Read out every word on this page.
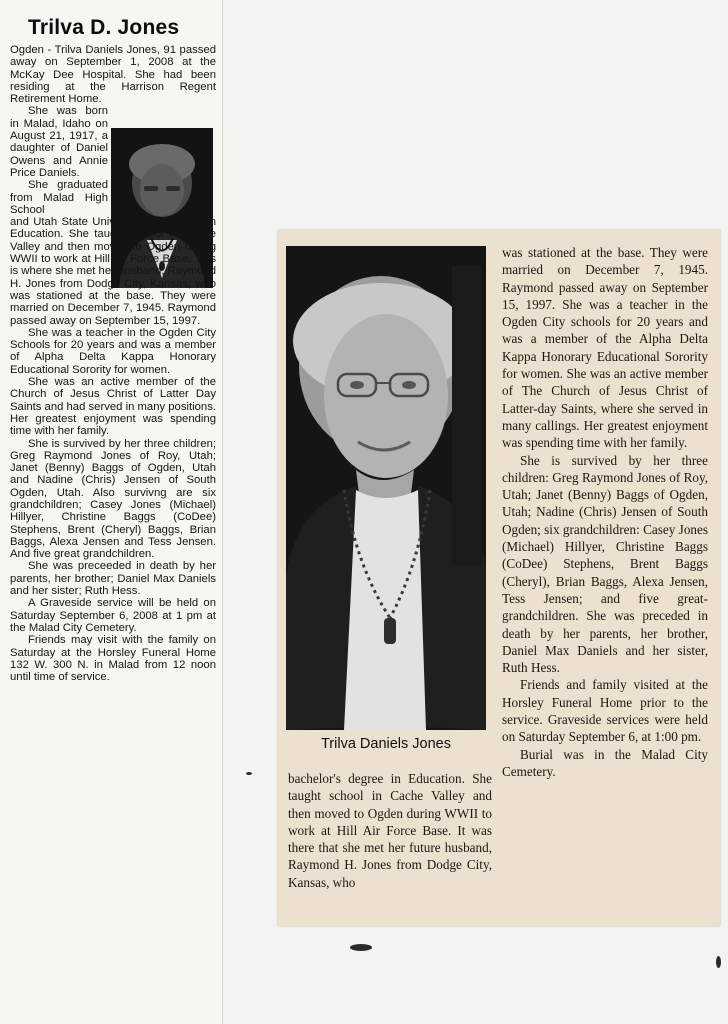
Trilva D. Jones

Ogden - Trilva Daniels Jones, 91 passed away on September 1, 2008 at the McKay Dee Hospital. She had been residing at the Harrison Regent Retirement Home.

She was born in Malad, Idaho on August 21, 1917, a daughter of Daniel Owens and Annie Price Daniels.

She graduated from Malad High School

and Utah State University with a B.A. in Education. She taught school in Cache Valley and then moved to Ogden during WWII to work at Hill Air Force Base. This is where she met her husband, Raymond H. Jones from Dodge City, Kansas, who was stationed at the base. They were married on December 7, 1945. Raymond passed away on September 15, 1997.

She was a teacher in the Ogden City Schools for 20 years and was a member of Alpha Delta Kappa Honorary Educational Sorority for women.

She was an active member of the Church of Jesus Christ of Latter Day Saints and had served in many positions. Her greatest enjoyment was spending time with her family.

She is survived by her three children; Greg Raymond Jones of Roy, Utah; Janet (Benny) Baggs of Ogden, Utah and Nadine (Chris) Jensen of South Ogden, Utah. Also survivng are six grandchildren; Casey Jones (Michael) Hillyer, Christine Baggs (CoDee) Stephens, Brent (Cheryl) Baggs, Brian Baggs, Alexa Jensen and Tess Jensen. And five great grandchildren.

She was preceeded in death by her parents, her brother; Daniel Max Daniels and her sister; Ruth Hess.

A Graveside service will be held on Saturday September 6, 2008 at 1 pm at the Malad City Cemetery.

Friends may visit with the family on Saturday at the Horsley Funeral Home 132 W. 300 N. in Malad from 12 noon until time of service.

Trilva Daniels Jones

bachelor's degree in Education. She taught school in Cache Valley and then moved to Ogden during WWII to work at Hill Air Force Base. It was there that she met her future husband, Raymond H. Jones from Dodge City, Kansas, who

was stationed at the base. They were married on December 7, 1945. Raymond passed away on September 15, 1997. She was a teacher in the Ogden City schools for 20 years and was a member of the Alpha Delta Kappa Honorary Educational Sorority for women. She was an active member of The Church of Jesus Christ of Latter-day Saints, where she served in many callings. Her greatest enjoyment was spending time with her family.

She is survived by her three children: Greg Raymond Jones of Roy, Utah; Janet (Benny) Baggs of Ogden, Utah; Nadine (Chris) Jensen of South Ogden; six grandchildren: Casey Jones (Michael) Hillyer, Christine Baggs (CoDee) Stephens, Brent Baggs (Cheryl), Brian Baggs, Alexa Jensen, Tess Jensen; and five great-grandchildren. She was preceded in death by her parents, her brother, Daniel Max Daniels and her sister, Ruth Hess.

Friends and family visited at the Horsley Funeral Home prior to the service. Graveside services were held on Saturday September 6, at 1:00 pm.

Burial was in the Malad City Cemetery.
